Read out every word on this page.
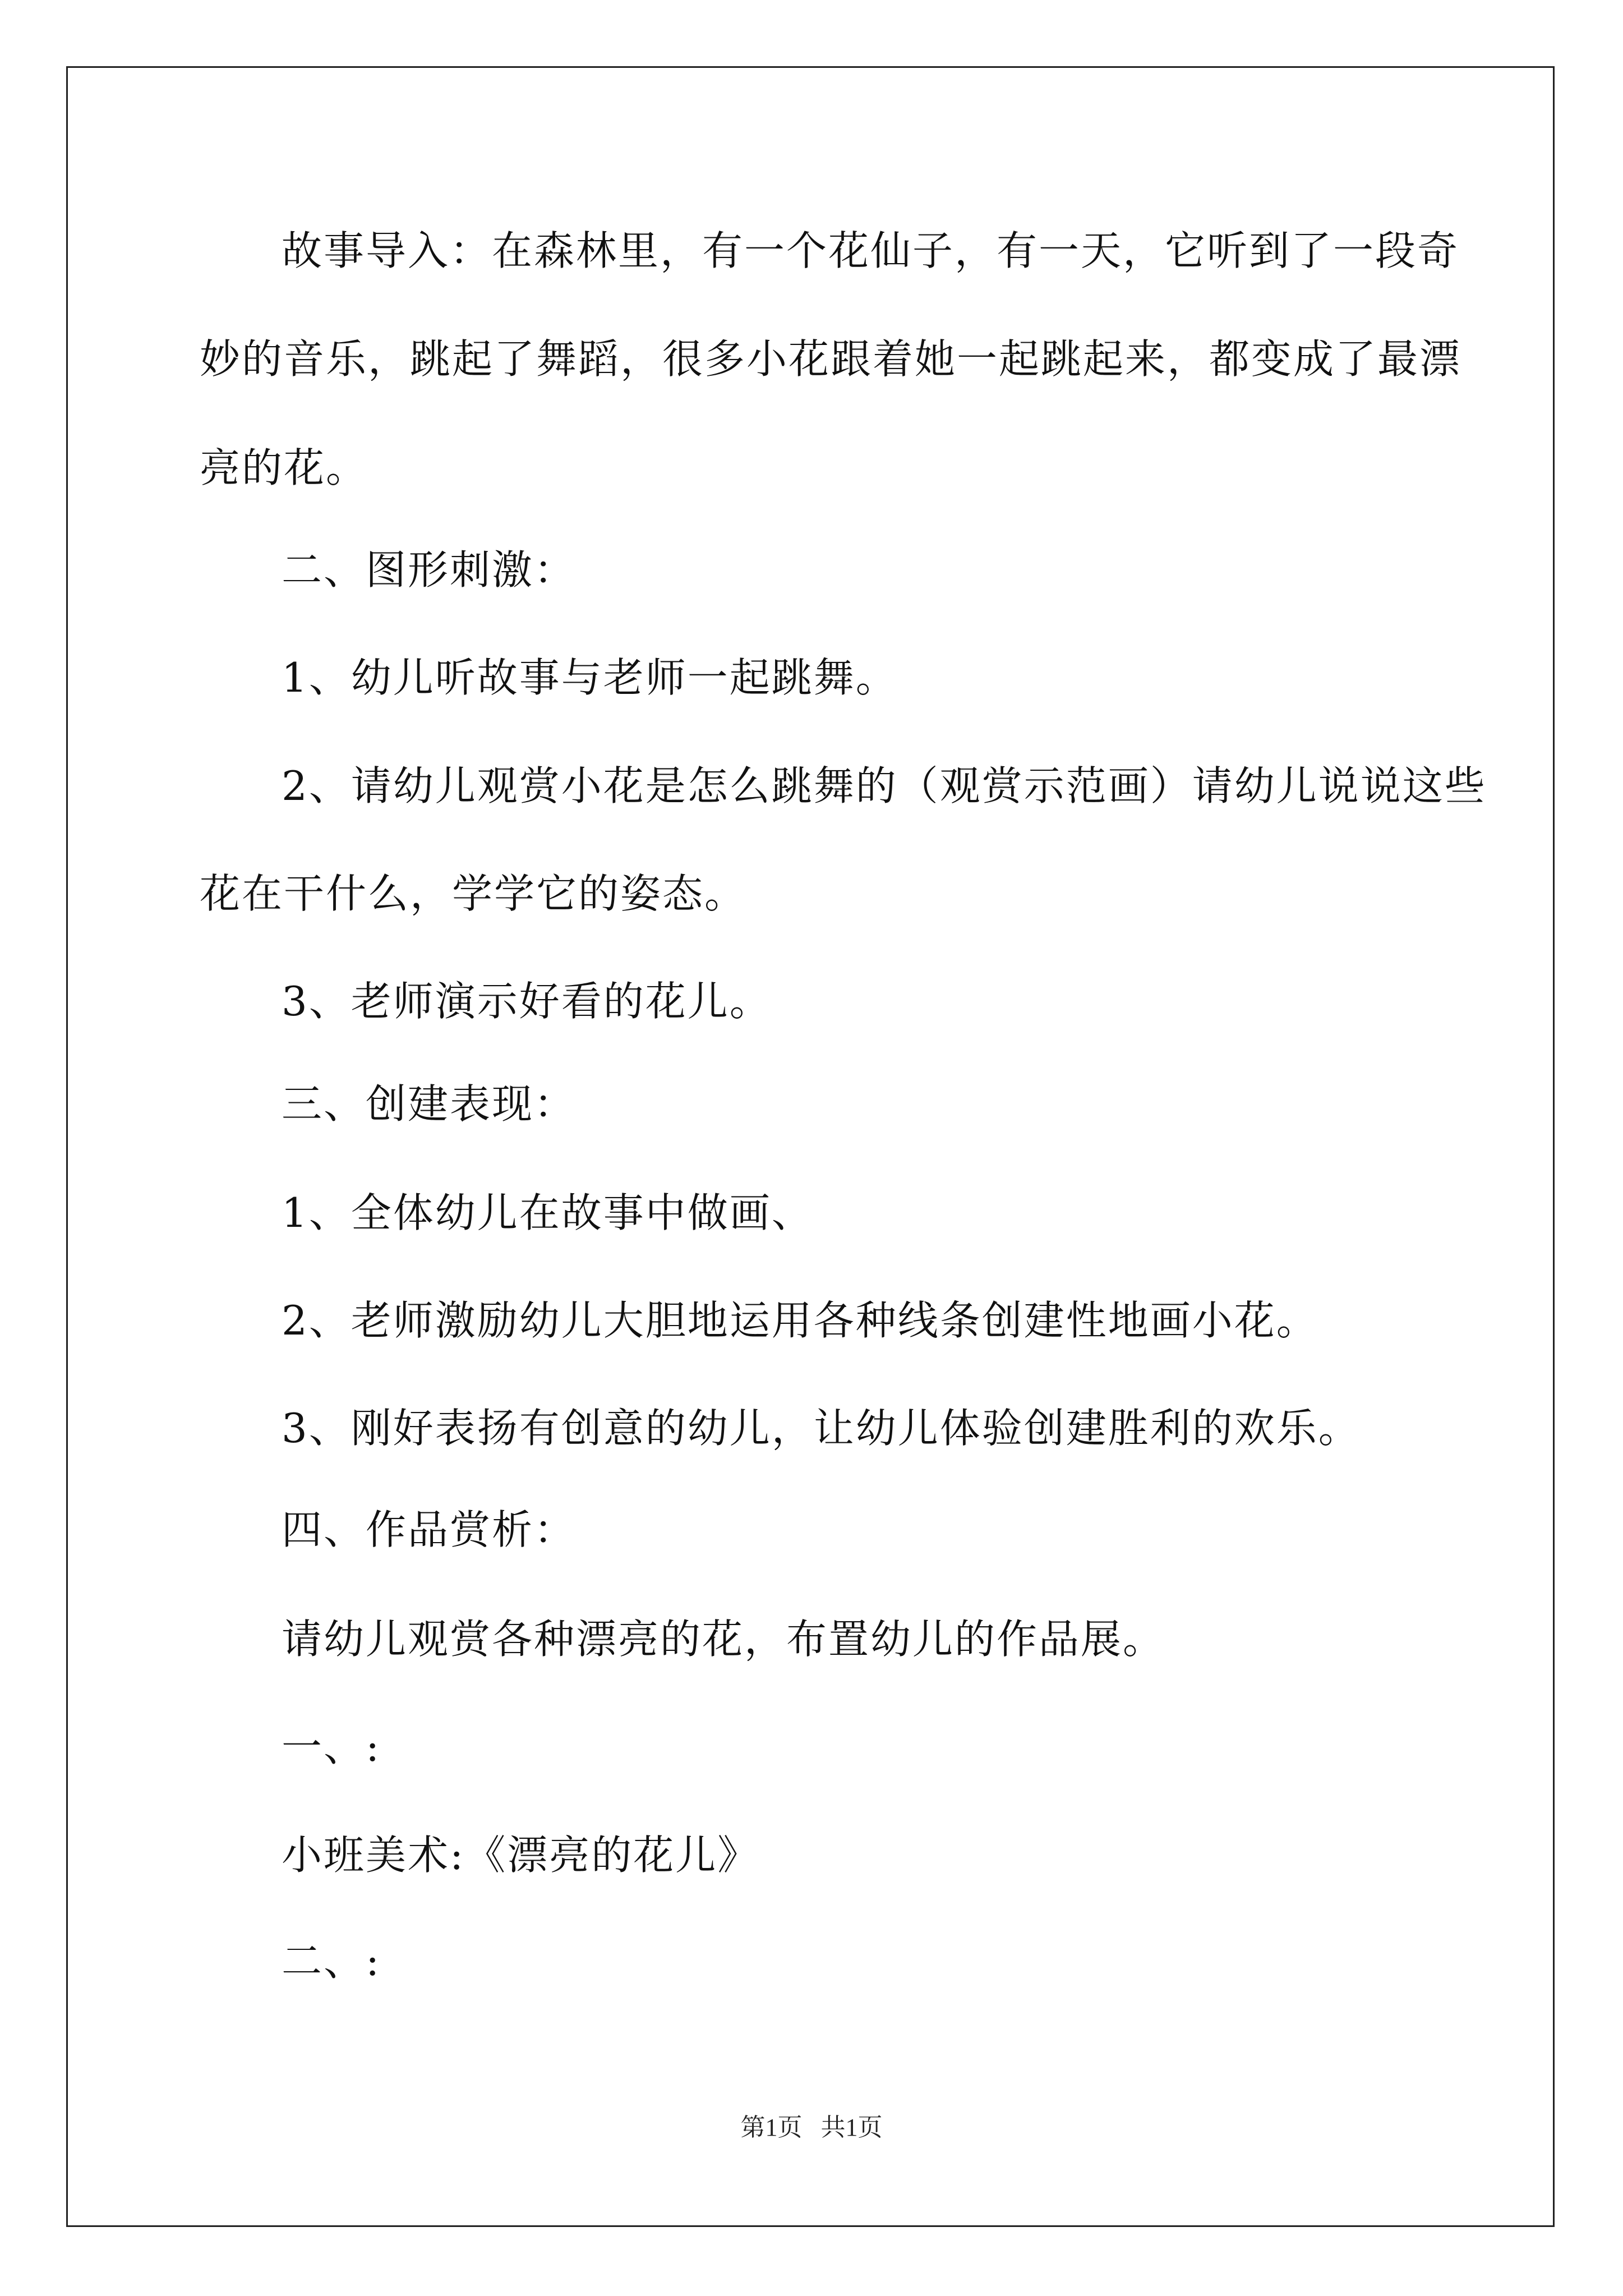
故事导入：在森林里，有一个花仙子，有一天，它听到了一段奇
妙的音乐，跳起了舞蹈，很多小花跟着她一起跳起来，都变成了最漂
亮的花。
二、图形刺激：
1、幼儿听故事与老师一起跳舞。
2、请幼儿观赏小花是怎么跳舞的（观赏示范画）请幼儿说说这些
花在干什么，学学它的姿态。
3、老师演示好看的花儿。
三、创建表现：
1、全体幼儿在故事中做画、
2、老师激励幼儿大胆地运用各种线条创建性地画小花。
3、刚好表扬有创意的幼儿，让幼儿体验创建胜利的欢乐。
四、作品赏析：
请幼儿观赏各种漂亮的花，布置幼儿的作品展。
一、:
小班美术:《漂亮的花儿》
二、:
第1页   共1页
